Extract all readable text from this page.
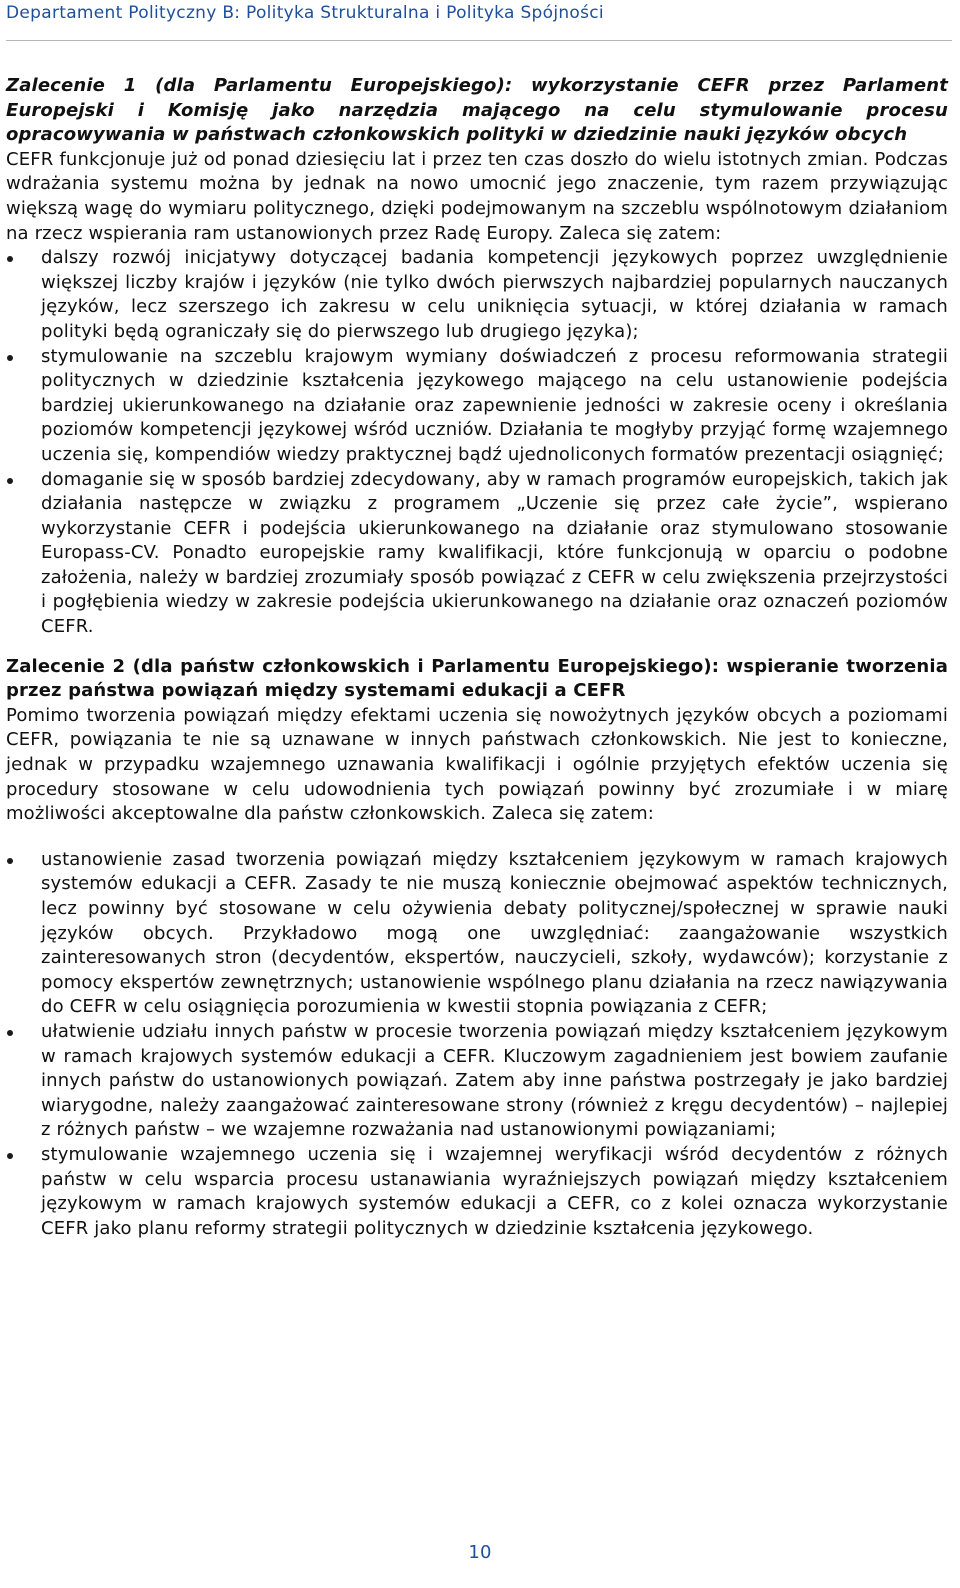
Departament Polityczny B: Polityka Strukturalna i Polityka Spójności

Zalecenie 1 (dla Parlamentu Europejskiego): wykorzystanie CEFR przez Parlament Europejski i Komisję jako narzędzia mającego na celu stymulowanie procesu opracowywania w państwach członkowskich polityki w dziedzinie nauki języków obcych

CEFR funkcjonuje już od ponad dziesięciu lat i przez ten czas doszło do wielu istotnych zmian. Podczas wdrażania systemu można by jednak na nowo umocnić jego znaczenie, tym razem przywiązując większą wagę do wymiaru politycznego, dzięki podejmowanym na szczeblu wspólnotowym działaniom na rzecz wspierania ram ustanowionych przez Radę Europy. Zaleca się zatem:

dalszy rozwój inicjatywy dotyczącej badania kompetencji językowych poprzez uwzględnienie większej liczby krajów i języków (nie tylko dwóch pierwszych najbardziej popularnych nauczanych języków, lecz szerszego ich zakresu w celu uniknięcia sytuacji, w której działania w ramach polityki będą ograniczały się do pierwszego lub drugiego języka);
stymulowanie na szczeblu krajowym wymiany doświadczeń z procesu reformowania strategii politycznych w dziedzinie kształcenia językowego mającego na celu ustanowienie podejścia bardziej ukierunkowanego na działanie oraz zapewnienie jedności w zakresie oceny i określania poziomów kompetencji językowej wśród uczniów. Działania te mogłyby przyjąć formę wzajemnego uczenia się, kompendiów wiedzy praktycznej bądź ujednoliconych formatów prezentacji osiągnięć;
domaganie się w sposób bardziej zdecydowany, aby w ramach programów europejskich, takich jak działania następcze w związku z programem „Uczenie się przez całe życie”, wspierano wykorzystanie CEFR i podejścia ukierunkowanego na działanie oraz stymulowano stosowanie Europass-CV. Ponadto europejskie ramy kwalifikacji, które funkcjonują w oparciu o podobne założenia, należy w bardziej zrozumiały sposób powiązać z CEFR w celu zwiększenia przejrzystości i pogłębienia wiedzy w zakresie podejścia ukierunkowanego na działanie oraz oznaczeń poziomów CEFR.

Zalecenie 2 (dla państw członkowskich i Parlamentu Europejskiego): wspieranie tworzenia przez państwa powiązań między systemami edukacji a CEFR

Pomimo tworzenia powiązań między efektami uczenia się nowożytnych języków obcych a poziomami CEFR, powiązania te nie są uznawane w innych państwach członkowskich. Nie jest to konieczne, jednak w przypadku wzajemnego uznawania kwalifikacji i ogólnie przyjętych efektów uczenia się procedury stosowane w celu udowodnienia tych powiązań powinny być zrozumiałe i w miarę możliwości akceptowalne dla państw członkowskich. Zaleca się zatem:

ustanowienie zasad tworzenia powiązań między kształceniem językowym w ramach krajowych systemów edukacji a CEFR. Zasady te nie muszą koniecznie obejmować aspektów technicznych, lecz powinny być stosowane w celu ożywienia debaty politycznej/społecznej w sprawie nauki języków obcych. Przykładowo mogą one uwzględniać: zaangażowanie wszystkich zainteresowanych stron (decydentów, ekspertów, nauczycieli, szkoły, wydawców); korzystanie z pomocy ekspertów zewnętrznych; ustanowienie wspólnego planu działania na rzecz nawiązywania do CEFR w celu osiągnięcia porozumienia w kwestii stopnia powiązania z CEFR;
ułatwienie udziału innych państw w procesie tworzenia powiązań między kształceniem językowym w ramach krajowych systemów edukacji a CEFR. Kluczowym zagadnieniem jest bowiem zaufanie innych państw do ustanowionych powiązań. Zatem aby inne państwa postrzegały je jako bardziej wiarygodne, należy zaangażować zainteresowane strony (również z kręgu decydentów) – najlepiej z różnych państw – we wzajemne rozważania nad ustanowionymi powiązaniami;
stymulowanie wzajemnego uczenia się i wzajemnej weryfikacji wśród decydentów z różnych państw w celu wsparcia procesu ustanawiania wyraźniejszych powiązań między kształceniem językowym w ramach krajowych systemów edukacji a CEFR, co z kolei oznacza wykorzystanie CEFR jako planu reformy strategii politycznych w dziedzinie kształcenia językowego.
10
